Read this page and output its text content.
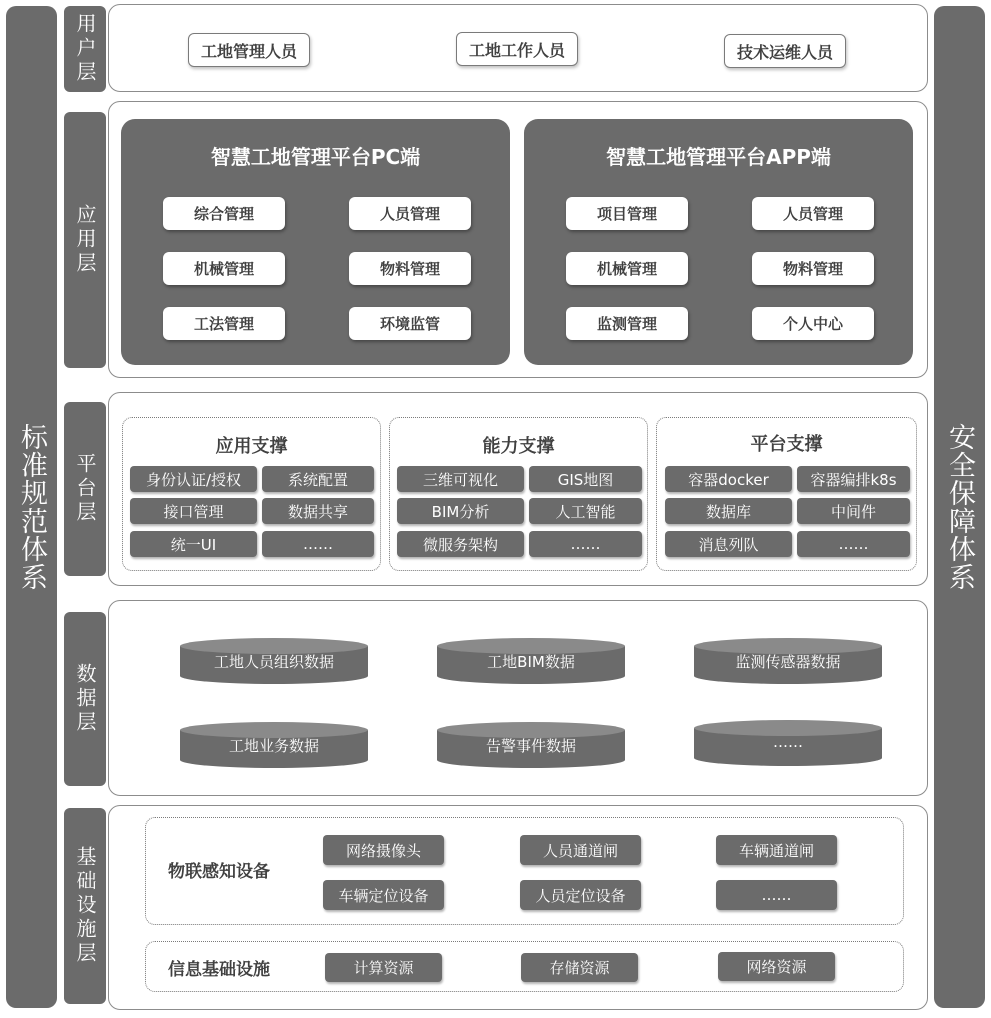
标准规范体系	安全保障体系
用户层
应用层
平台层
数据层
基础设施层
工地管理人员	工地工作人员	技术运维人员
智慧工地管理平台PC端
综合管理	人员管理
机械管理	物料管理
工法管理	环境监管
智慧工地管理平台APP端
项目管理	人员管理
机械管理	物料管理
监测管理	个人中心
应用支撑
身份认证/授权	系统配置
接口管理	数据共享
统一UI	……
能力支撑
三维可视化	GIS地图
BIM分析	人工智能
微服务架构	……
平台支撑
容器docker	容器编排k8s
数据库	中间件
消息列队	……
工地人员组织数据	工地BIM数据	监测传感器数据
工地业务数据	告警事件数据	……
物联感知设备
网络摄像头	人员通道闸	车辆通道闸
车辆定位设备	人员定位设备	……
信息基础设施	计算资源	存储资源	网络资源
